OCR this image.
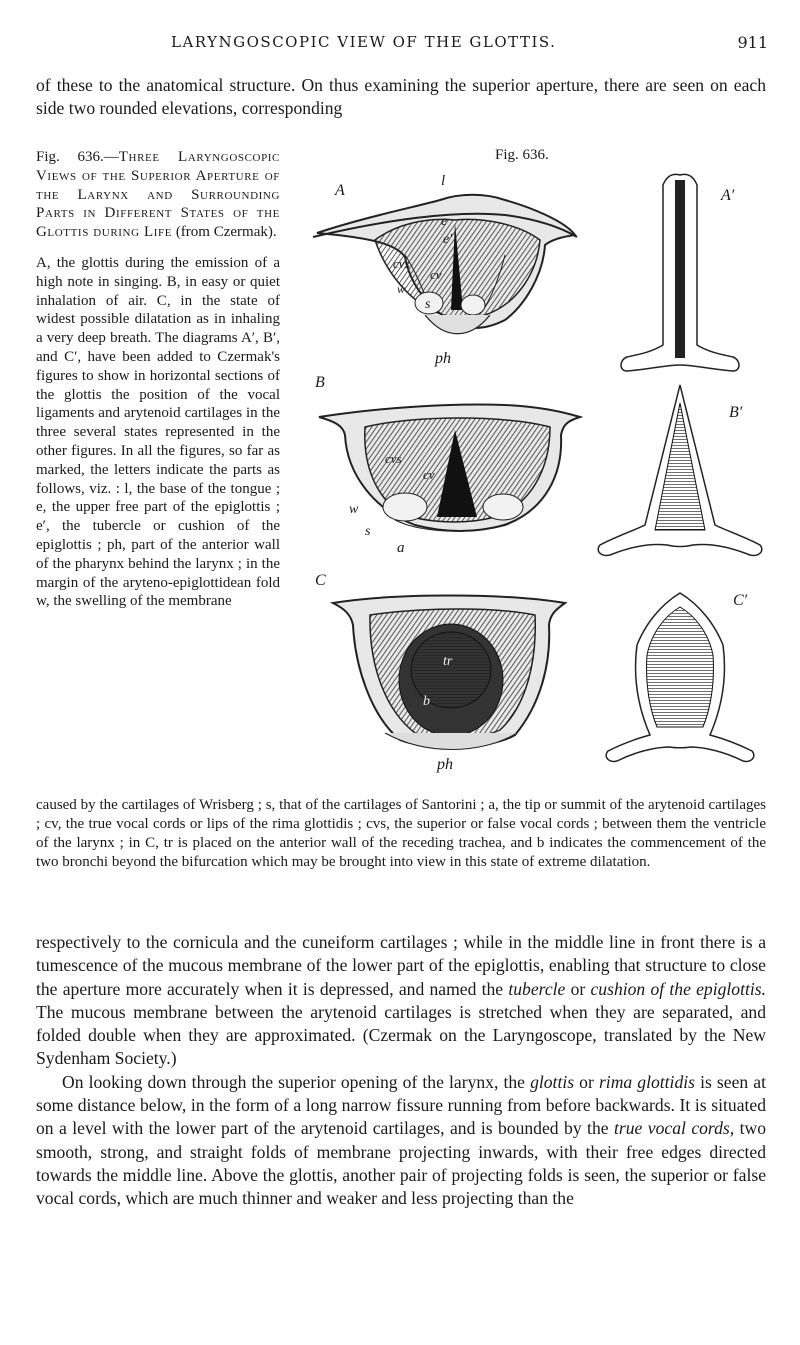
LARYNGOSCOPIC VIEW OF THE GLOTTIS.	911
of these to the anatomical structure. On thus examining the superior aperture, there are seen on each side two rounded elevations, corresponding

Fig. 636.—Three Laryngoscopic Views of the Superior Aperture of the Larynx and Surrounding Parts in Different States of the Glottis during Life (from Czermak).

A, the glottis during the emission of a high note in singing. B, in easy or quiet inhalation of air. C, in the state of widest possible dilatation as in inhaling a very deep breath. The diagrams A′, B′, and C′, have been added to Czermak's figures to show in horizontal sections of the glottis the position of the vocal ligaments and arytenoid cartilages in the three several states represented in the other figures. In all the figures, so far as marked, the letters indicate the parts as follows, viz. : l, the base of the tongue ; e, the upper free part of the epiglottis ; e′, the tubercle or cushion of the epiglottis ; ph, part of the anterior wall of the pharynx behind the larynx ; in the margin of the aryteno-epiglottidean fold w, the swelling of the membrane

Fig. 636.
A
l
e
e′
cvs
cv
w
s
ph
B
cvs
cv
w
s
a
C
tr
b
ph
A′
B′
C′
caused by the cartilages of Wrisberg ; s, that of the cartilages of Santorini ; a, the tip or summit of the arytenoid cartilages ; cv, the true vocal cords or lips of the rima glottidis ; cvs, the superior or false vocal cords ; between them the ventricle of the larynx ; in C, tr is placed on the anterior wall of the receding trachea, and b indicates the commencement of the two bronchi beyond the bifurcation which may be brought into view in this state of extreme dilatation.

respectively to the cornicula and the cuneiform cartilages ; while in the middle line in front there is a tumescence of the mucous membrane of the lower part of the epiglottis, enabling that structure to close the aperture more accurately when it is depressed, and named the tubercle or cushion of the epiglottis. The mucous membrane between the arytenoid cartilages is stretched when they are separated, and folded double when they are approximated. (Czermak on the Laryngoscope, translated by the New Sydenham Society.)

On looking down through the superior opening of the larynx, the glottis or rima glottidis is seen at some distance below, in the form of a long narrow fissure running from before backwards. It is situated on a level with the lower part of the arytenoid cartilages, and is bounded by the true vocal cords, two smooth, strong, and straight folds of membrane projecting inwards, with their free edges directed towards the middle line. Above the glottis, another pair of projecting folds is seen, the superior or false vocal cords, which are much thinner and weaker and less projecting than the
